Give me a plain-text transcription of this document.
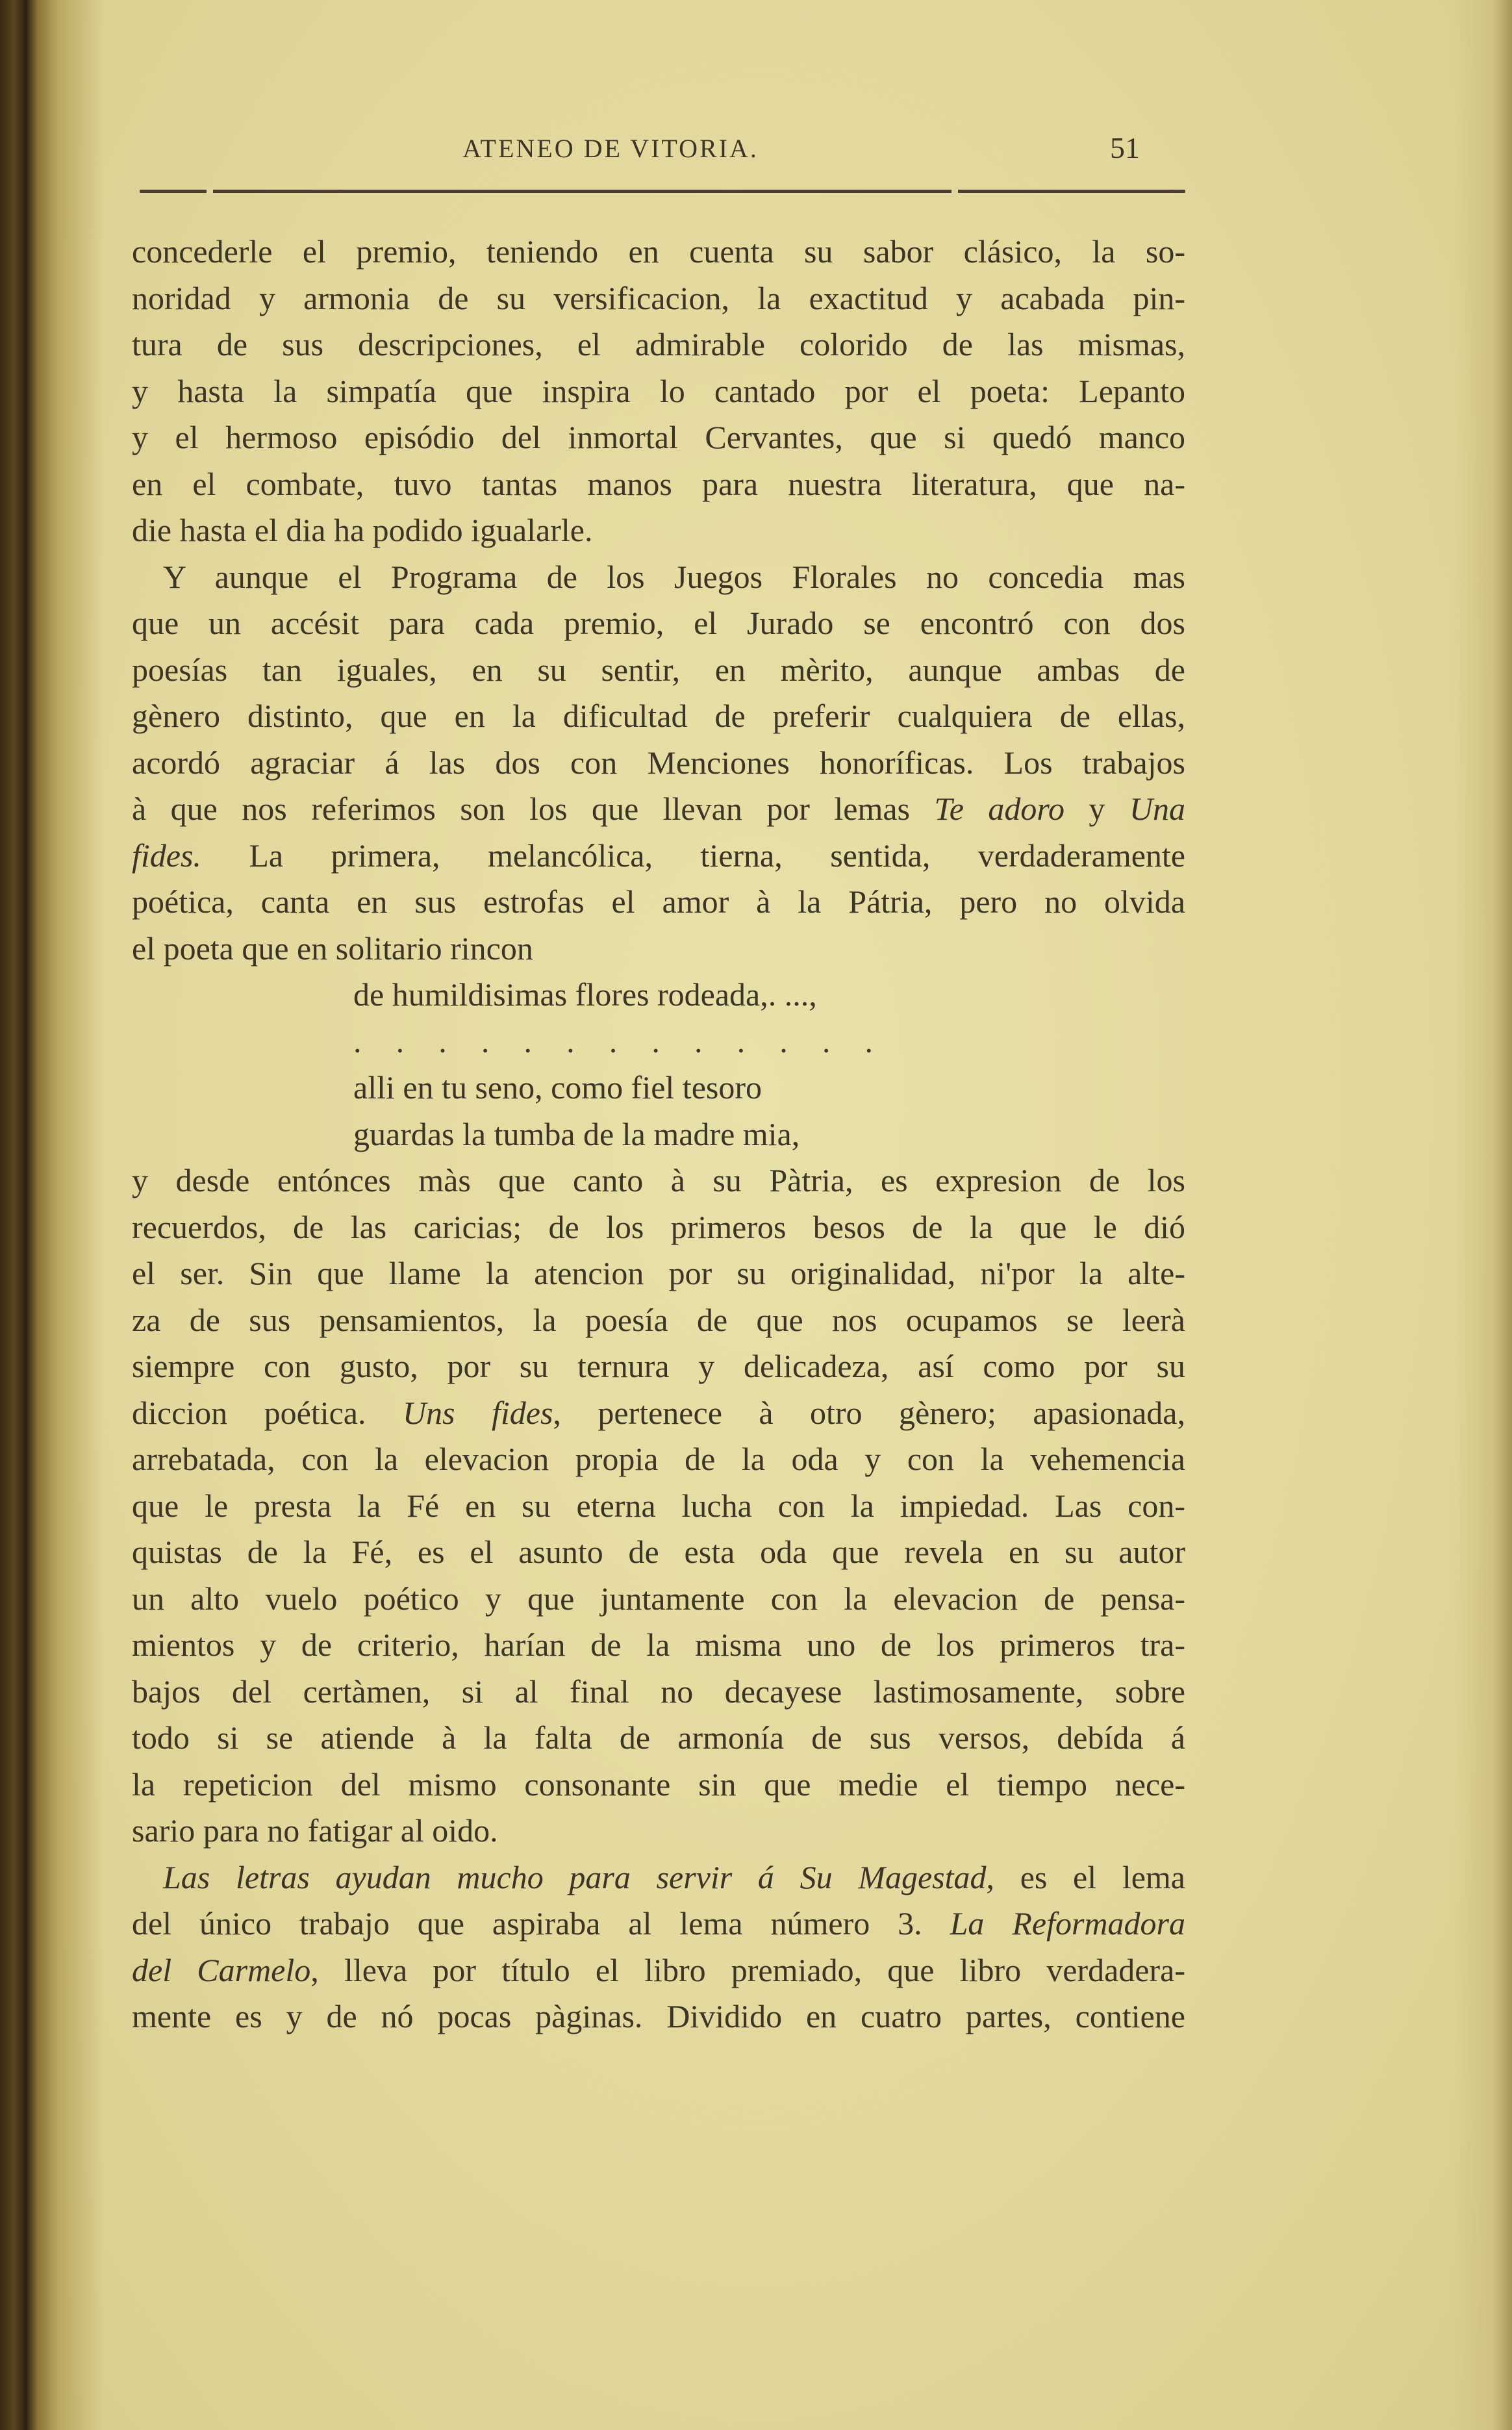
ATENEO DE VITORIA.	51
concederle el premio, teniendo en cuenta su sabor clásico, la so-
noridad y armonia de su versificacion, la exactitud y acabada pin-
tura de sus descripciones, el admirable colorido de las mismas,
y hasta la simpatía que inspira lo cantado por el poeta: Lepanto
y el hermoso episódio del inmortal Cervantes, que si quedó manco
en el combate, tuvo tantas manos para nuestra literatura, que na-
die hasta el dia ha podido igualarle.
Y aunque el Programa de los Juegos Florales no concedia mas
que un accésit para cada premio, el Jurado se encontró con dos
poesías tan iguales, en su sentir, en mèrito, aunque ambas de
gènero distinto, que en la dificultad de preferir cualquiera de ellas,
acordó agraciar á las dos con Menciones honoríficas. Los trabajos
à que nos referimos son los que llevan por lemas Te adoro y Una
fides. La primera, melancólica, tierna, sentida, verdaderamente
poética, canta en sus estrofas el amor à la Pátria, pero no olvida
el poeta que en solitario rincon
de humildisimas flores rodeada,. ...,
. . . . . . . . . . . . .
alli en tu seno, como fiel tesoro
guardas la tumba de la madre mia,
y desde entónces màs que canto à su Pàtria, es expresion de los
recuerdos, de las caricias; de los primeros besos de la que le dió
el ser. Sin que llame la atencion por su originalidad, ni'por la alte-
za de sus pensamientos, la poesía de que nos ocupamos se leerà
siempre con gusto, por su ternura y delicadeza, así como por su
diccion poética. Uns fides, pertenece à otro gènero; apasionada,
arrebatada, con la elevacion propia de la oda y con la vehemencia
que le presta la Fé en su eterna lucha con la impiedad. Las con-
quistas de la Fé, es el asunto de esta oda que revela en su autor
un alto vuelo poético y que juntamente con la elevacion de pensa-
mientos y de criterio, harían de la misma uno de los primeros tra-
bajos del certàmen, si al final no decayese lastimosamente, sobre
todo si se atiende à la falta de armonía de sus versos, debída á
la repeticion del mismo consonante sin que medie el tiempo nece-
sario para no fatigar al oido.
Las letras ayudan mucho para servir á Su Magestad, es el lema
del único trabajo que aspiraba al lema número 3. La Reformadora
del Carmelo, lleva por título el libro premiado, que libro verdadera-
mente es y de nó pocas pàginas. Dividido en cuatro partes, contiene
